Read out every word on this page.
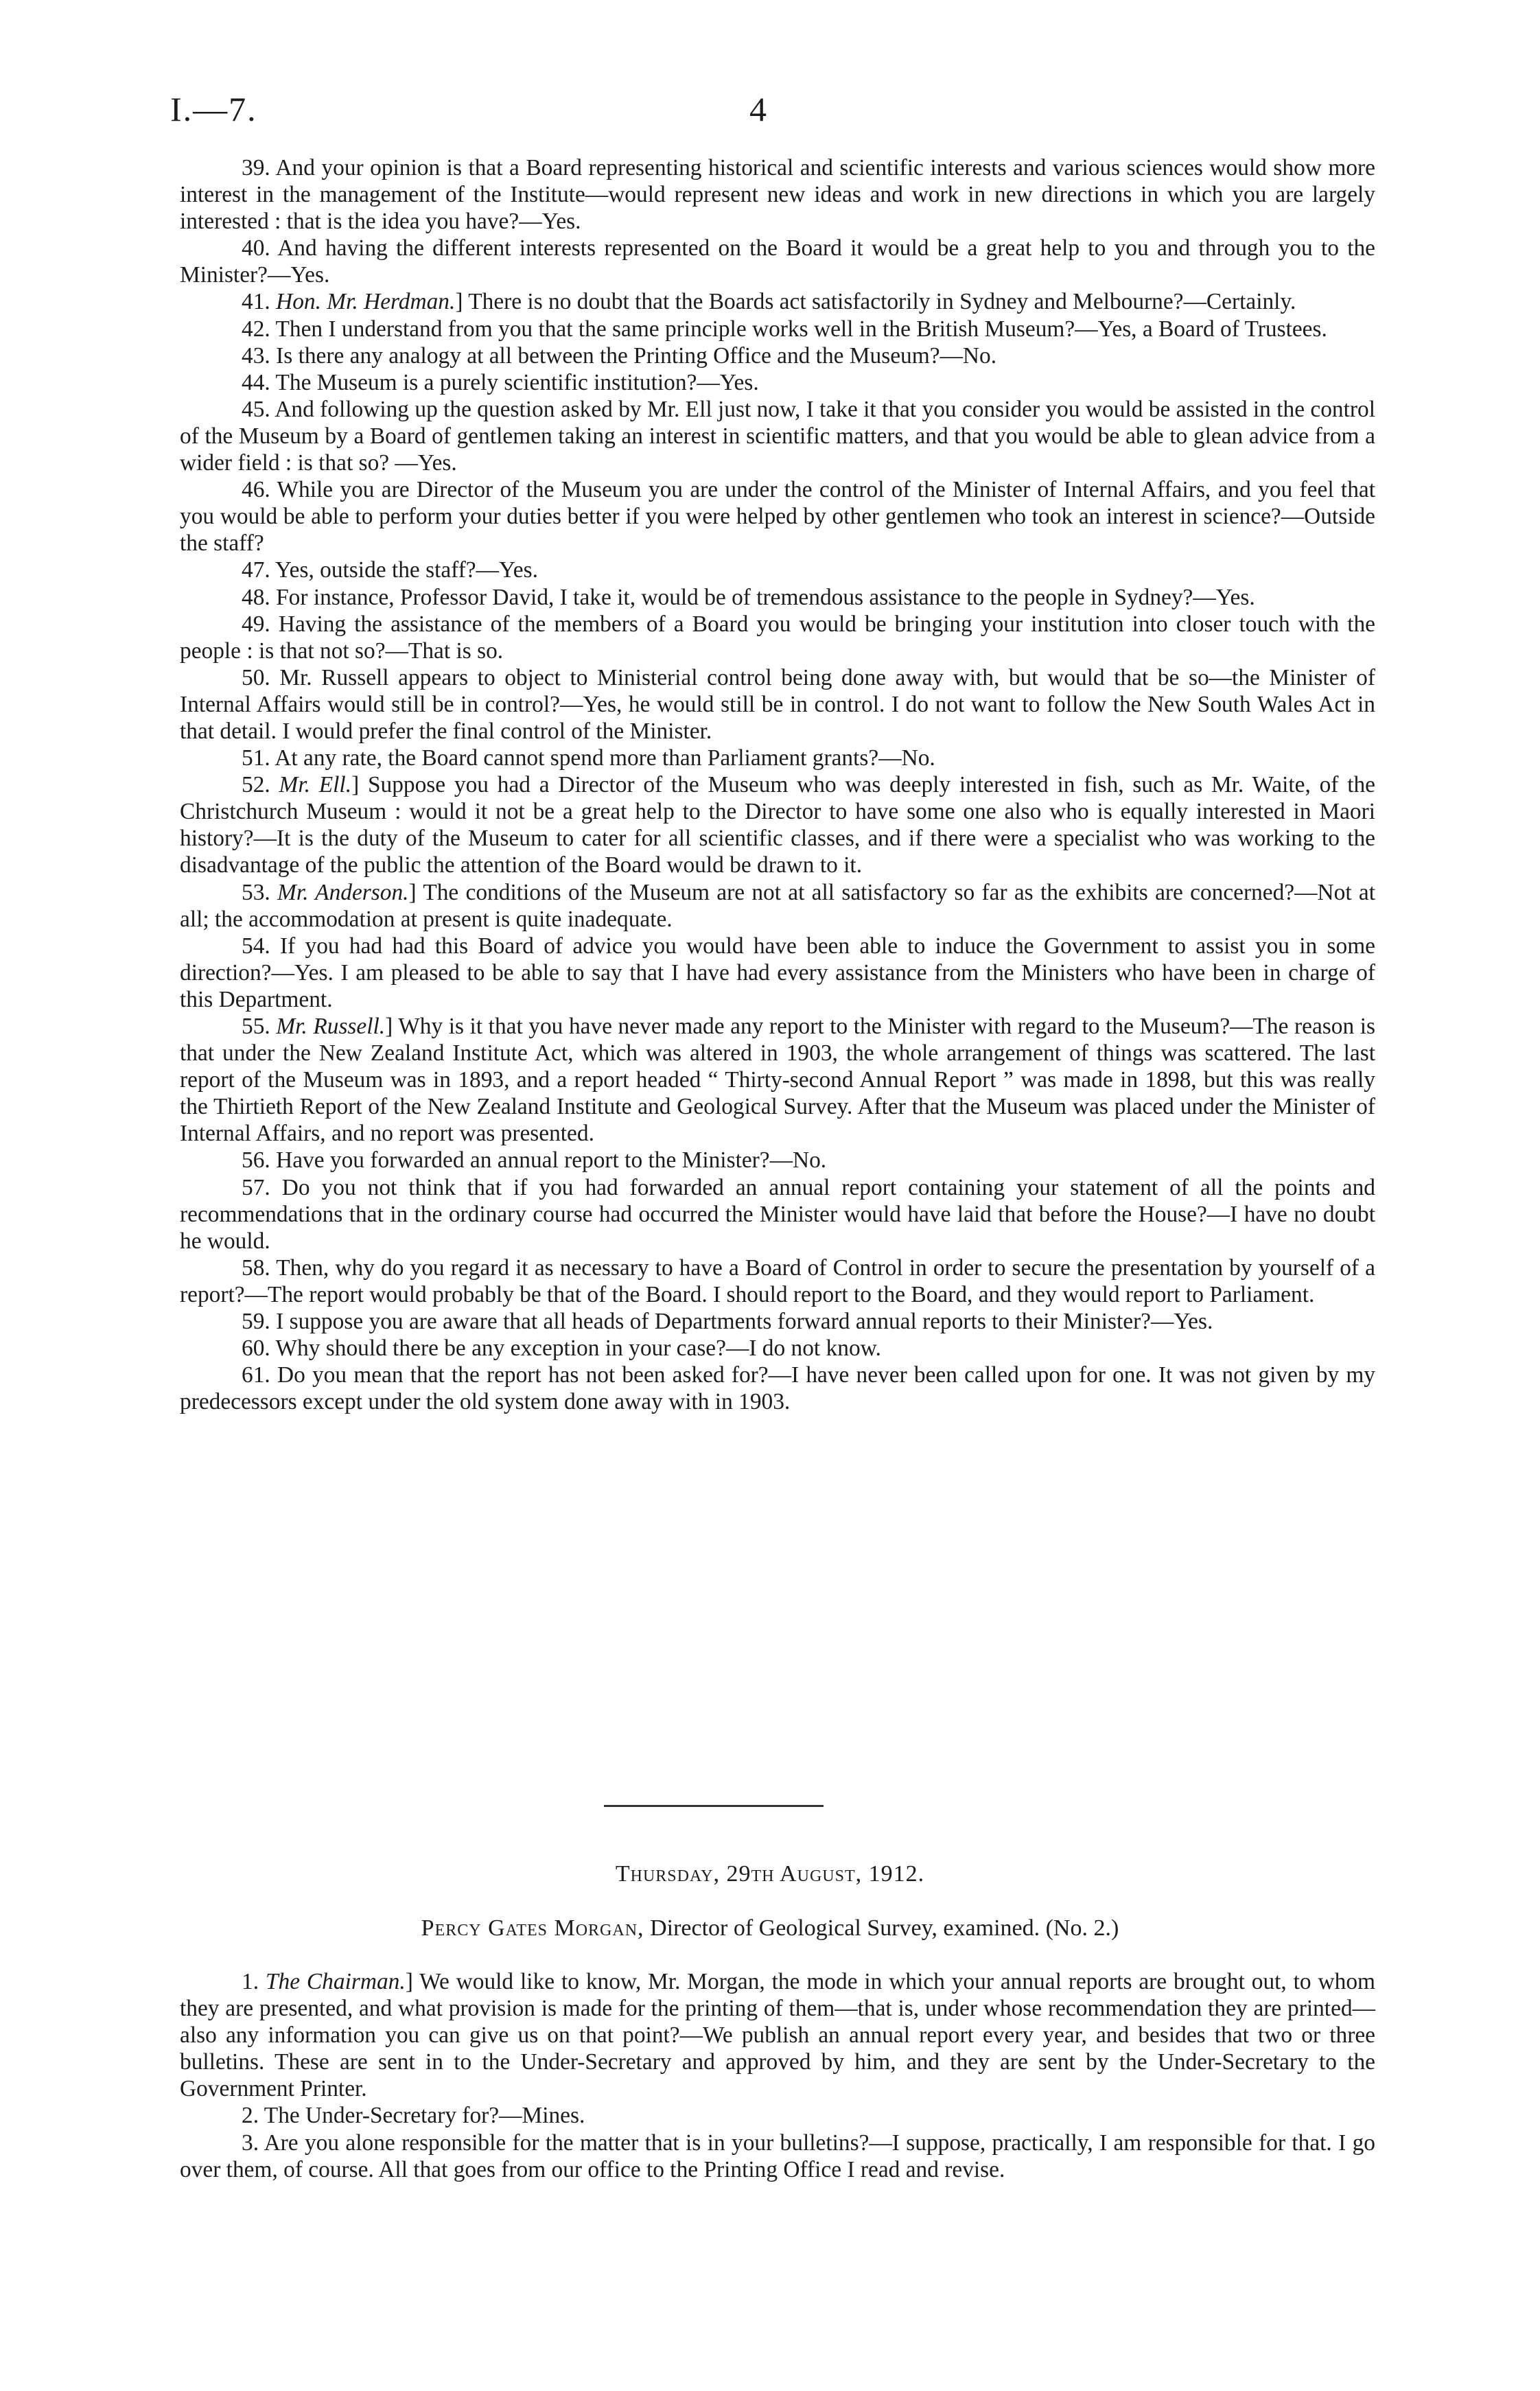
I.—7.	4

39. And your opinion is that a Board representing historical and scientific interests and various sciences would show more interest in the management of the Institute—would represent new ideas and work in new directions in which you are largely interested : that is the idea you have?—Yes.

40. And having the different interests represented on the Board it would be a great help to you and through you to the Minister?—Yes.

41. Hon. Mr. Herdman.] There is no doubt that the Boards act satisfactorily in Sydney and Melbourne?—Certainly.

42. Then I understand from you that the same principle works well in the British Museum?—Yes, a Board of Trustees.

43. Is there any analogy at all between the Printing Office and the Museum?—No.

44. The Museum is a purely scientific institution?—Yes.

45. And following up the question asked by Mr. Ell just now, I take it that you consider you would be assisted in the control of the Museum by a Board of gentlemen taking an interest in scientific matters, and that you would be able to glean advice from a wider field : is that so? —Yes.

46. While you are Director of the Museum you are under the control of the Minister of Internal Affairs, and you feel that you would be able to perform your duties better if you were helped by other gentlemen who took an interest in science?—Outside the staff?

47. Yes, outside the staff?—Yes.

48. For instance, Professor David, I take it, would be of tremendous assistance to the people in Sydney?—Yes.

49. Having the assistance of the members of a Board you would be bringing your institution into closer touch with the people : is that not so?—That is so.

50. Mr. Russell appears to object to Ministerial control being done away with, but would that be so—the Minister of Internal Affairs would still be in control?—Yes, he would still be in control. I do not want to follow the New South Wales Act in that detail. I would prefer the final control of the Minister.

51. At any rate, the Board cannot spend more than Parliament grants?—No.

52. Mr. Ell.] Suppose you had a Director of the Museum who was deeply interested in fish, such as Mr. Waite, of the Christchurch Museum : would it not be a great help to the Director to have some one also who is equally interested in Maori history?—It is the duty of the Museum to cater for all scientific classes, and if there were a specialist who was working to the disadvantage of the public the attention of the Board would be drawn to it.

53. Mr. Anderson.] The conditions of the Museum are not at all satisfactory so far as the exhibits are concerned?—Not at all; the accommodation at present is quite inadequate.

54. If you had had this Board of advice you would have been able to induce the Government to assist you in some direction?—Yes. I am pleased to be able to say that I have had every assistance from the Ministers who have been in charge of this Department.

55. Mr. Russell.] Why is it that you have never made any report to the Minister with regard to the Museum?—The reason is that under the New Zealand Institute Act, which was altered in 1903, the whole arrangement of things was scattered. The last report of the Museum was in 1893, and a report headed “ Thirty-second Annual Report ” was made in 1898, but this was really the Thirtieth Report of the New Zealand Institute and Geological Survey. After that the Museum was placed under the Minister of Internal Affairs, and no report was presented.

56. Have you forwarded an annual report to the Minister?—No.

57. Do you not think that if you had forwarded an annual report containing your statement of all the points and recommendations that in the ordinary course had occurred the Minister would have laid that before the House?—I have no doubt he would.

58. Then, why do you regard it as necessary to have a Board of Control in order to secure the presentation by yourself of a report?—The report would probably be that of the Board. I should report to the Board, and they would report to Parliament.

59. I suppose you are aware that all heads of Departments forward annual reports to their Minister?—Yes.

60. Why should there be any exception in your case?—I do not know.

61. Do you mean that the report has not been asked for?—I have never been called upon for one. It was not given by my predecessors except under the old system done away with in 1903.

Thursday, 29th August, 1912.
Percy Gates Morgan, Director of Geological Survey, examined. (No. 2.)

1. The Chairman.] We would like to know, Mr. Morgan, the mode in which your annual reports are brought out, to whom they are presented, and what provision is made for the printing of them—that is, under whose recommendation they are printed—also any information you can give us on that point?—We publish an annual report every year, and besides that two or three bulletins. These are sent in to the Under-Secretary and approved by him, and they are sent by the Under-Secretary to the Government Printer.

2. The Under-Secretary for?—Mines.

3. Are you alone responsible for the matter that is in your bulletins?—I suppose, practically, I am responsible for that. I go over them, of course. All that goes from our office to the Printing Office I read and revise.
